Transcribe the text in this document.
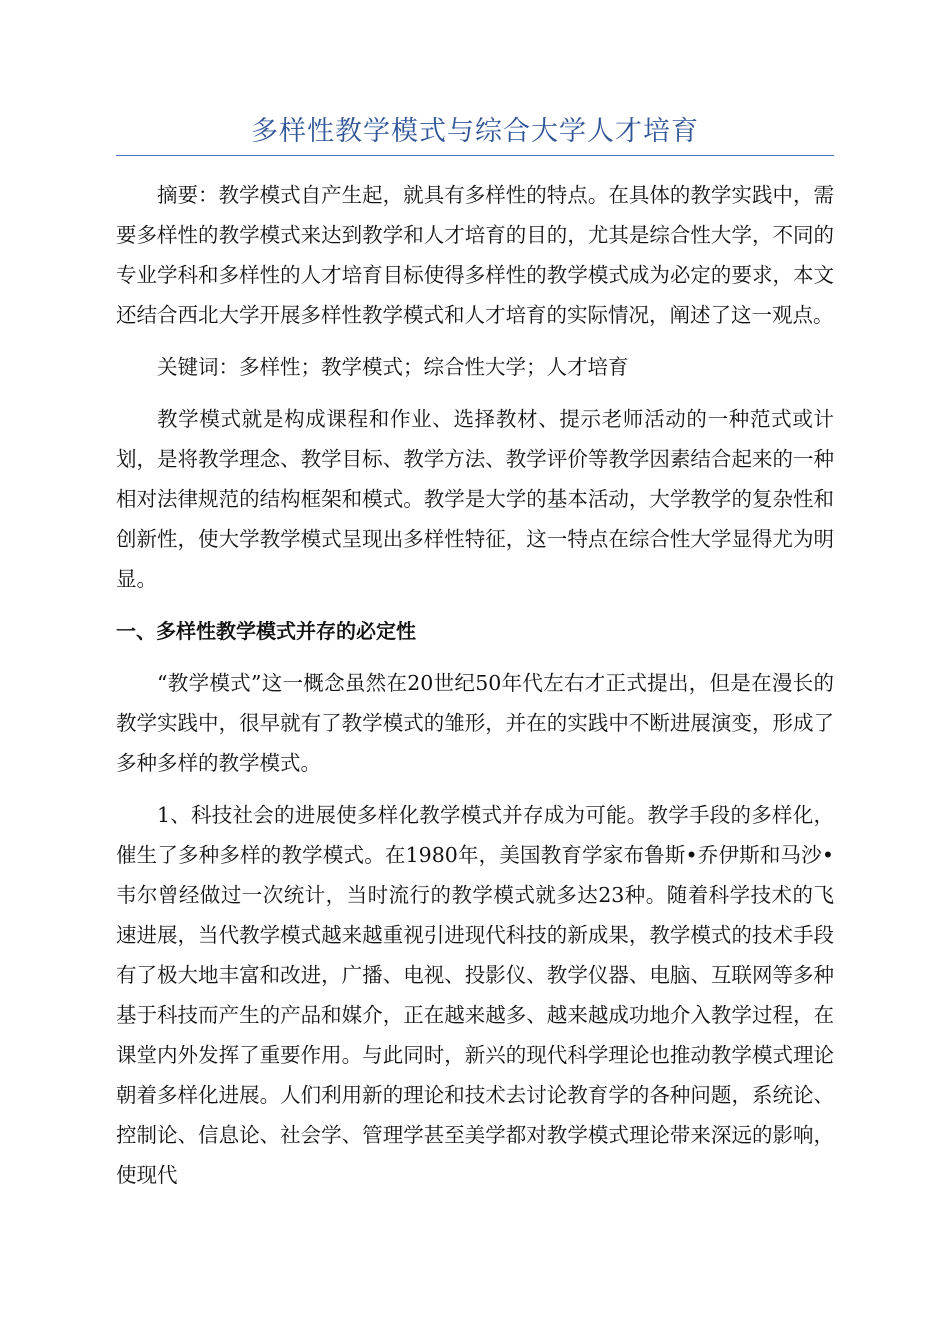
多样性教学模式与综合大学人才培育

摘要：教学模式自产生起，就具有多样性的特点。在具体的教学实践中，需要多样性的教学模式来达到教学和人才培育的目的，尤其是综合性大学，不同的专业学科和多样性的人才培育目标使得多样性的教学模式成为必定的要求，本文还结合西北大学开展多样性教学模式和人才培育的实际情况，阐述了这一观点。

关键词：多样性；教学模式；综合性大学；人才培育

教学模式就是构成课程和作业、选择教材、提示老师活动的一种范式或计划，是将教学理念、教学目标、教学方法、教学评价等教学因素结合起来的一种相对法律规范的结构框架和模式。教学是大学的基本活动，大学教学的复杂性和创新性，使大学教学模式呈现出多样性特征，这一特点在综合性大学显得尤为明显。

一、多样性教学模式并存的必定性

“教学模式”这一概念虽然在20世纪50年代左右才正式提出，但是在漫长的教学实践中，很早就有了教学模式的雏形，并在的实践中不断进展演变，形成了多种多样的教学模式。

1、科技社会的进展使多样化教学模式并存成为可能。教学手段的多样化，催生了多种多样的教学模式。在1980年，美国教育学家布鲁斯•乔伊斯和马沙•韦尔曾经做过一次统计，当时流行的教学模式就多达23种。随着科学技术的飞速进展，当代教学模式越来越重视引进现代科技的新成果，教学模式的技术手段有了极大地丰富和改进，广播、电视、投影仪、教学仪器、电脑、互联网等多种基于科技而产生的产品和媒介，正在越来越多、越来越成功地介入教学过程，在课堂内外发挥了重要作用。与此同时，新兴的现代科学理论也推动教学模式理论朝着多样化进展。人们利用新的理论和技术去讨论教育学的各种问题，系统论、控制论、信息论、社会学、管理学甚至美学都对教学模式理论带来深远的影响，使现代
